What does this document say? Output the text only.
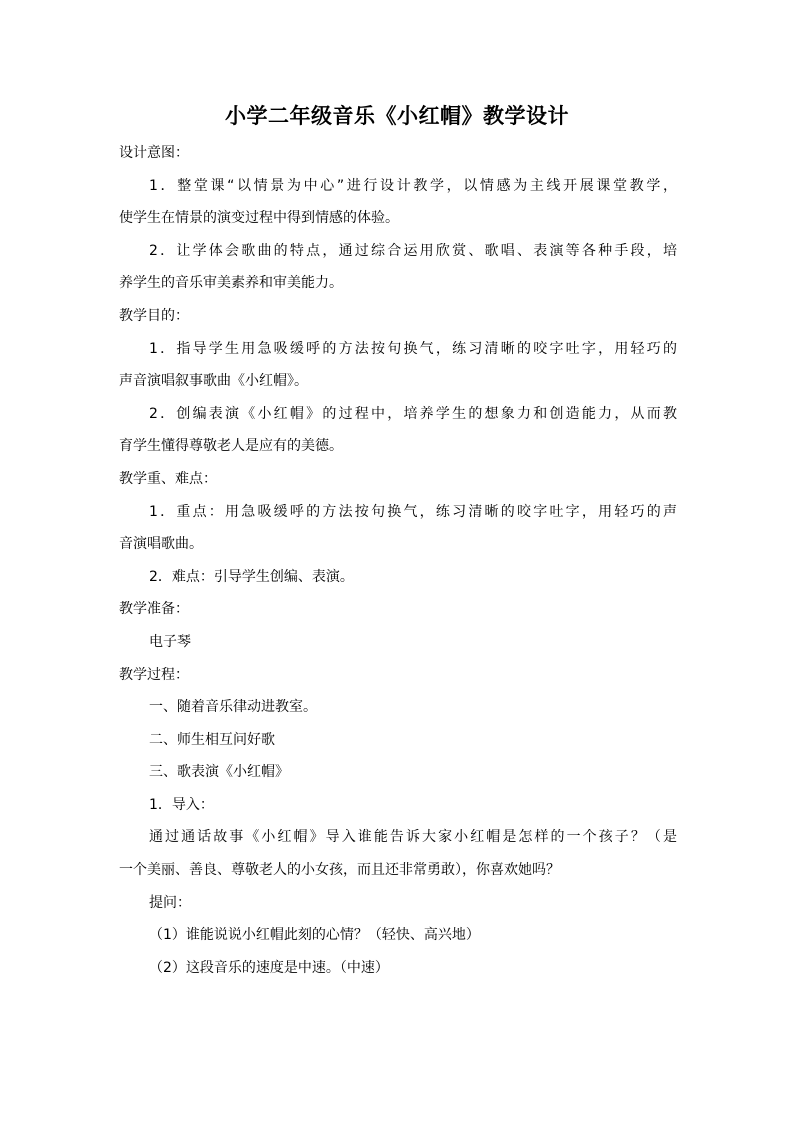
小学二年级音乐《小红帽》教学设计
设计意图：
1．整堂课“以情景为中心”进行设计教学，以情感为主线开展课堂教学，
使学生在情景的演变过程中得到情感的体验。
2．让学体会歌曲的特点，通过综合运用欣赏、歌唱、表演等各种手段，培
养学生的音乐审美素养和审美能力。
教学目的：
1．指导学生用急吸缓呼的方法按句换气，练习清晰的咬字吐字，用轻巧的
声音演唱叙事歌曲《小红帽》。
2．创编表演《小红帽》的过程中，培养学生的想象力和创造能力，从而教
育学生懂得尊敬老人是应有的美德。
教学重、难点：
1．重点：用急吸缓呼的方法按句换气，练习清晰的咬字吐字，用轻巧的声
音演唱歌曲。
2．难点：引导学生创编、表演。
教学准备：
电子琴
教学过程：
一、随着音乐律动进教室。
二、师生相互问好歌
三、歌表演《小红帽》
1．导入：
通过通话故事《小红帽》导入谁能告诉大家小红帽是怎样的一个孩子？（是
一个美丽、善良、尊敬老人的小女孩，而且还非常勇敢），你喜欢她吗？
提问：
（1）谁能说说小红帽此刻的心情？（轻快、高兴地）
（2）这段音乐的速度是中速。（中速）
